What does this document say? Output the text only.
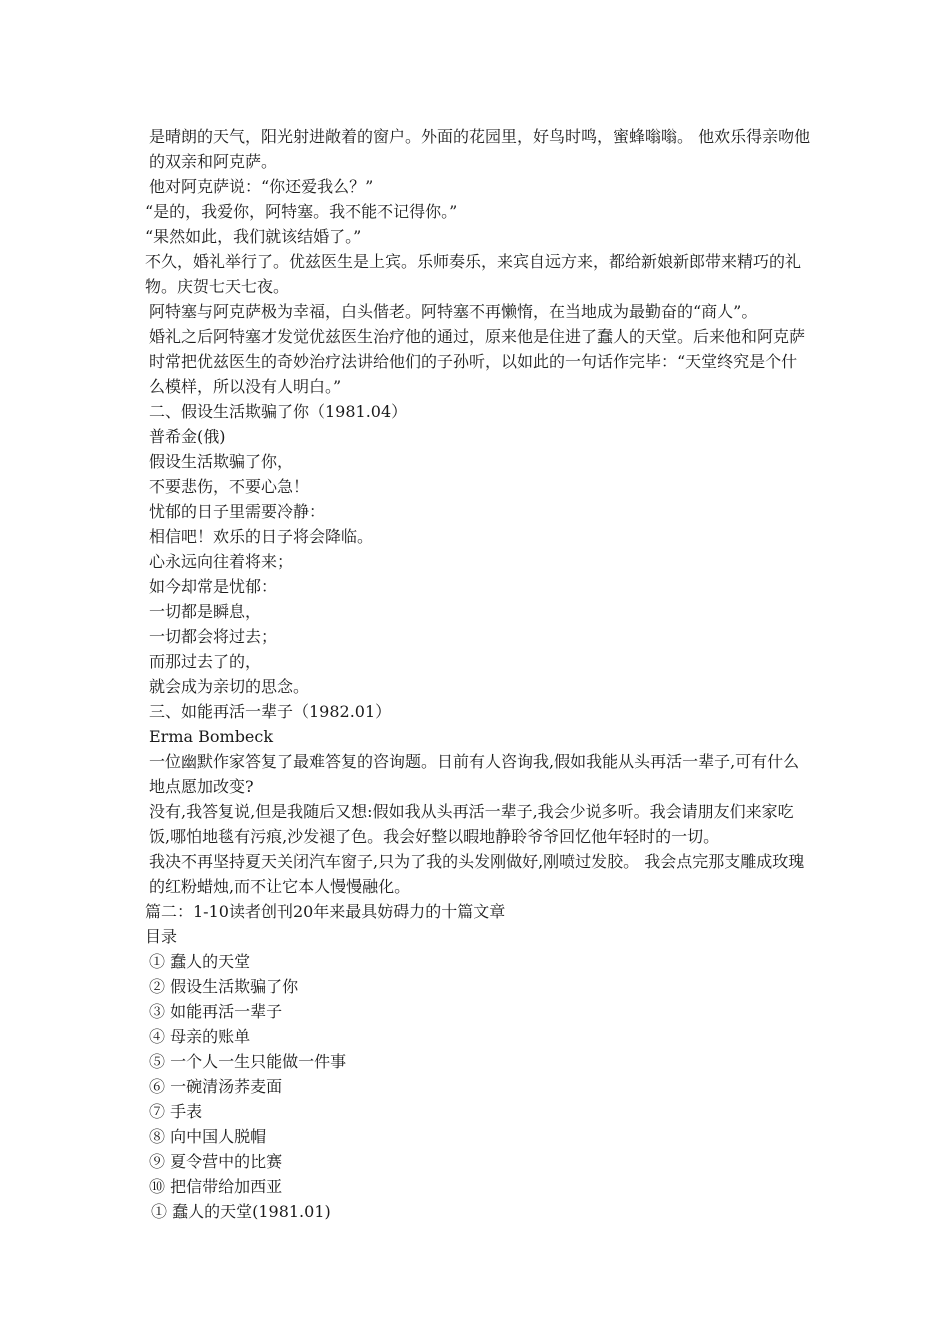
是晴朗的天气，阳光射进敞着的窗户。外面的花园里，好鸟时鸣，蜜蜂嗡嗡。 他欢乐得亲吻他的双亲和阿克萨。

他对阿克萨说：“你还爱我么？”

“是的，我爱你，阿特塞。我不能不记得你。”

“果然如此，我们就该结婚了。”

不久，婚礼举行了。优兹医生是上宾。乐师奏乐，来宾自远方来，都给新娘新郎带来精巧的礼物。庆贺七天七夜。

阿特塞与阿克萨极为幸福，白头偕老。阿特塞不再懒惰，在当地成为最勤奋的“商人”。

婚礼之后阿特塞才发觉优兹医生治疗他的通过，原来他是住进了蠢人的天堂。后来他和阿克萨时常把优兹医生的奇妙治疗法讲给他们的子孙听，以如此的一句话作完毕：“天堂终究是个什么模样，所以没有人明白。”

二、假设生活欺骗了你（1981.04）

普希金(俄)

假设生活欺骗了你，

不要悲伤，不要心急！

忧郁的日子里需要冷静：

相信吧！欢乐的日子将会降临。

心永远向往着将来；

如今却常是忧郁：

一切都是瞬息，

一切都会将过去；

而那过去了的，

就会成为亲切的思念。

三、如能再活一辈子（1982.01）

Erma Bombeck

一位幽默作家答复了最难答复的咨询题。日前有人咨询我,假如我能从头再活一辈子,可有什么地点愿加改变?

没有,我答复说,但是我随后又想:假如我从头再活一辈子,我会少说多听。我会请朋友们来家吃饭,哪怕地毯有污痕,沙发褪了色。我会好整以暇地静聆爷爷回忆他年轻时的一切。

我决不再坚持夏天关闭汽车窗子,只为了我的头发刚做好,刚喷过发胶。 我会点完那支雕成玫瑰的红粉蜡烛,而不让它本人慢慢融化。

篇二：1-10读者创刊20年来最具妨碍力的十篇文章

目录

① 蠢人的天堂

② 假设生活欺骗了你

③ 如能再活一辈子

④ 母亲的账单

⑤ 一个人一生只能做一件事

⑥ 一碗清汤荞麦面

⑦ 手表

⑧ 向中国人脱帽

⑨ 夏令营中的比赛

⑩ 把信带给加西亚

① 蠢人的天堂(1981.01)
